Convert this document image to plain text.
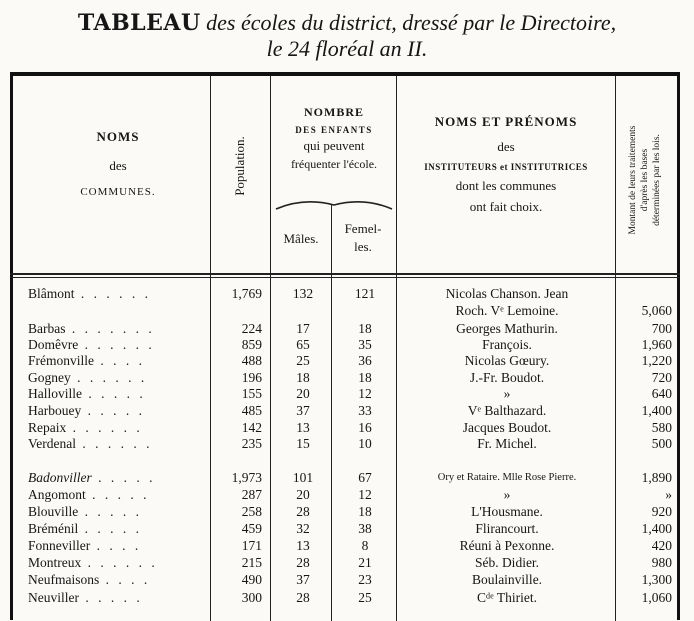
TABLEAU des écoles du district, dressé par le Directoire,
le 24 floréal an II.
NOMS
des
COMMUNES.	Population.
NOMBRE
DES ENFANTS
qui peuvent
fréquenter l'école.
Mâles.
Femel-
les.
NOMS ET PRÉNOMS
des
INSTITUTEURS et INSTITUTRICES
dont les communes
ont fait choix.	Montant de leurs traitements d'après les bases déterminées par les lois.
Blâmont . . . . . .	1,769	132	121	Nicolas Chanson. Jean
Roch. Vᵉ Lemoine.	5,060
Barbas . . . . . . .	224	17	18	Georges Mathurin.	700
Domêvre . . . . . .	859	65	35	François.	1,960
Frémonville . . . .	488	25	36	Nicolas Gœury.	1,220
Gogney . . . . . .	196	18	18	J.-Fr. Boudot.	720
Halloville . . . . .	155	20	12	»	640
Harbouey . . . . .	485	37	33	Vᵉ Balthazard.	1,400
Repaix . . . . . .	142	13	16	Jacques Boudot.	580
Verdenal . . . . . .	235	15	10	Fr. Michel.	500
Badonviller . . . . .	1,973	101	67	Ory et Rataire. Mlle Rose Pierre.	1,890
Angomont . . . . .	287	20	12	»	»
Blouville . . . . .	258	28	18	L'Housmane.	920
Bréménil . . . . .	459	32	38	Flirancourt.	1,400
Fonneviller . . . .	171	13	8	Réuni à Pexonne.	420
Montreux . . . . . .	215	28	21	Séb. Didier.	980
Neufmaisons . . . .	490	37	23	Boulainville.	1,300
Neuviller . . . . .	300	28	25	Cᵈᵉ Thiriet.	1,060
